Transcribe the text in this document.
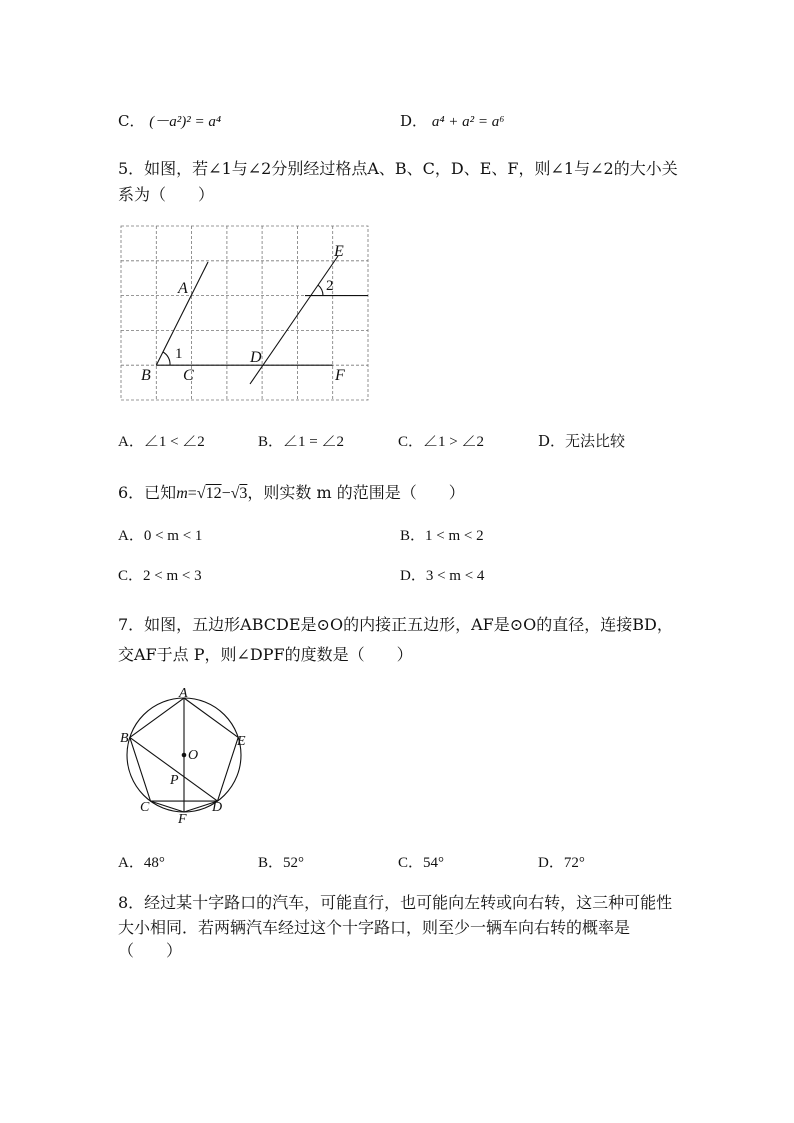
C． (－a²)² = a⁴	D． a⁴ + a² = a⁶
5．如图，若∠1与∠2分别经过格点A、B、C，D、E、F，则∠1与∠2的大小关
系为（　　）
A
B C
D
E
F
1
2
A
B
C	D
E
F
O
P
A．∠1 < ∠2	B．∠1 = ∠2	C．∠1 > ∠2	D．无法比较
6．已知m=√12−√3，则实数 m 的范围是（　　）
A．0 < m < 1	B．1 < m < 2
C．2 < m < 3	D．3 < m < 4
7．如图，五边形ABCDE是⊙O的内接正五边形，AF是⊙O的直径，连接BD，
交AF于点 P，则∠DPF的度数是（　　）
A．48°	B．52°	C．54°	D．72°
8．经过某十字路口的汽车，可能直行，也可能向左转或向右转，这三种可能性
大小相同．若两辆汽车经过这个十字路口，则至少一辆车向右转的概率是
（　　）
